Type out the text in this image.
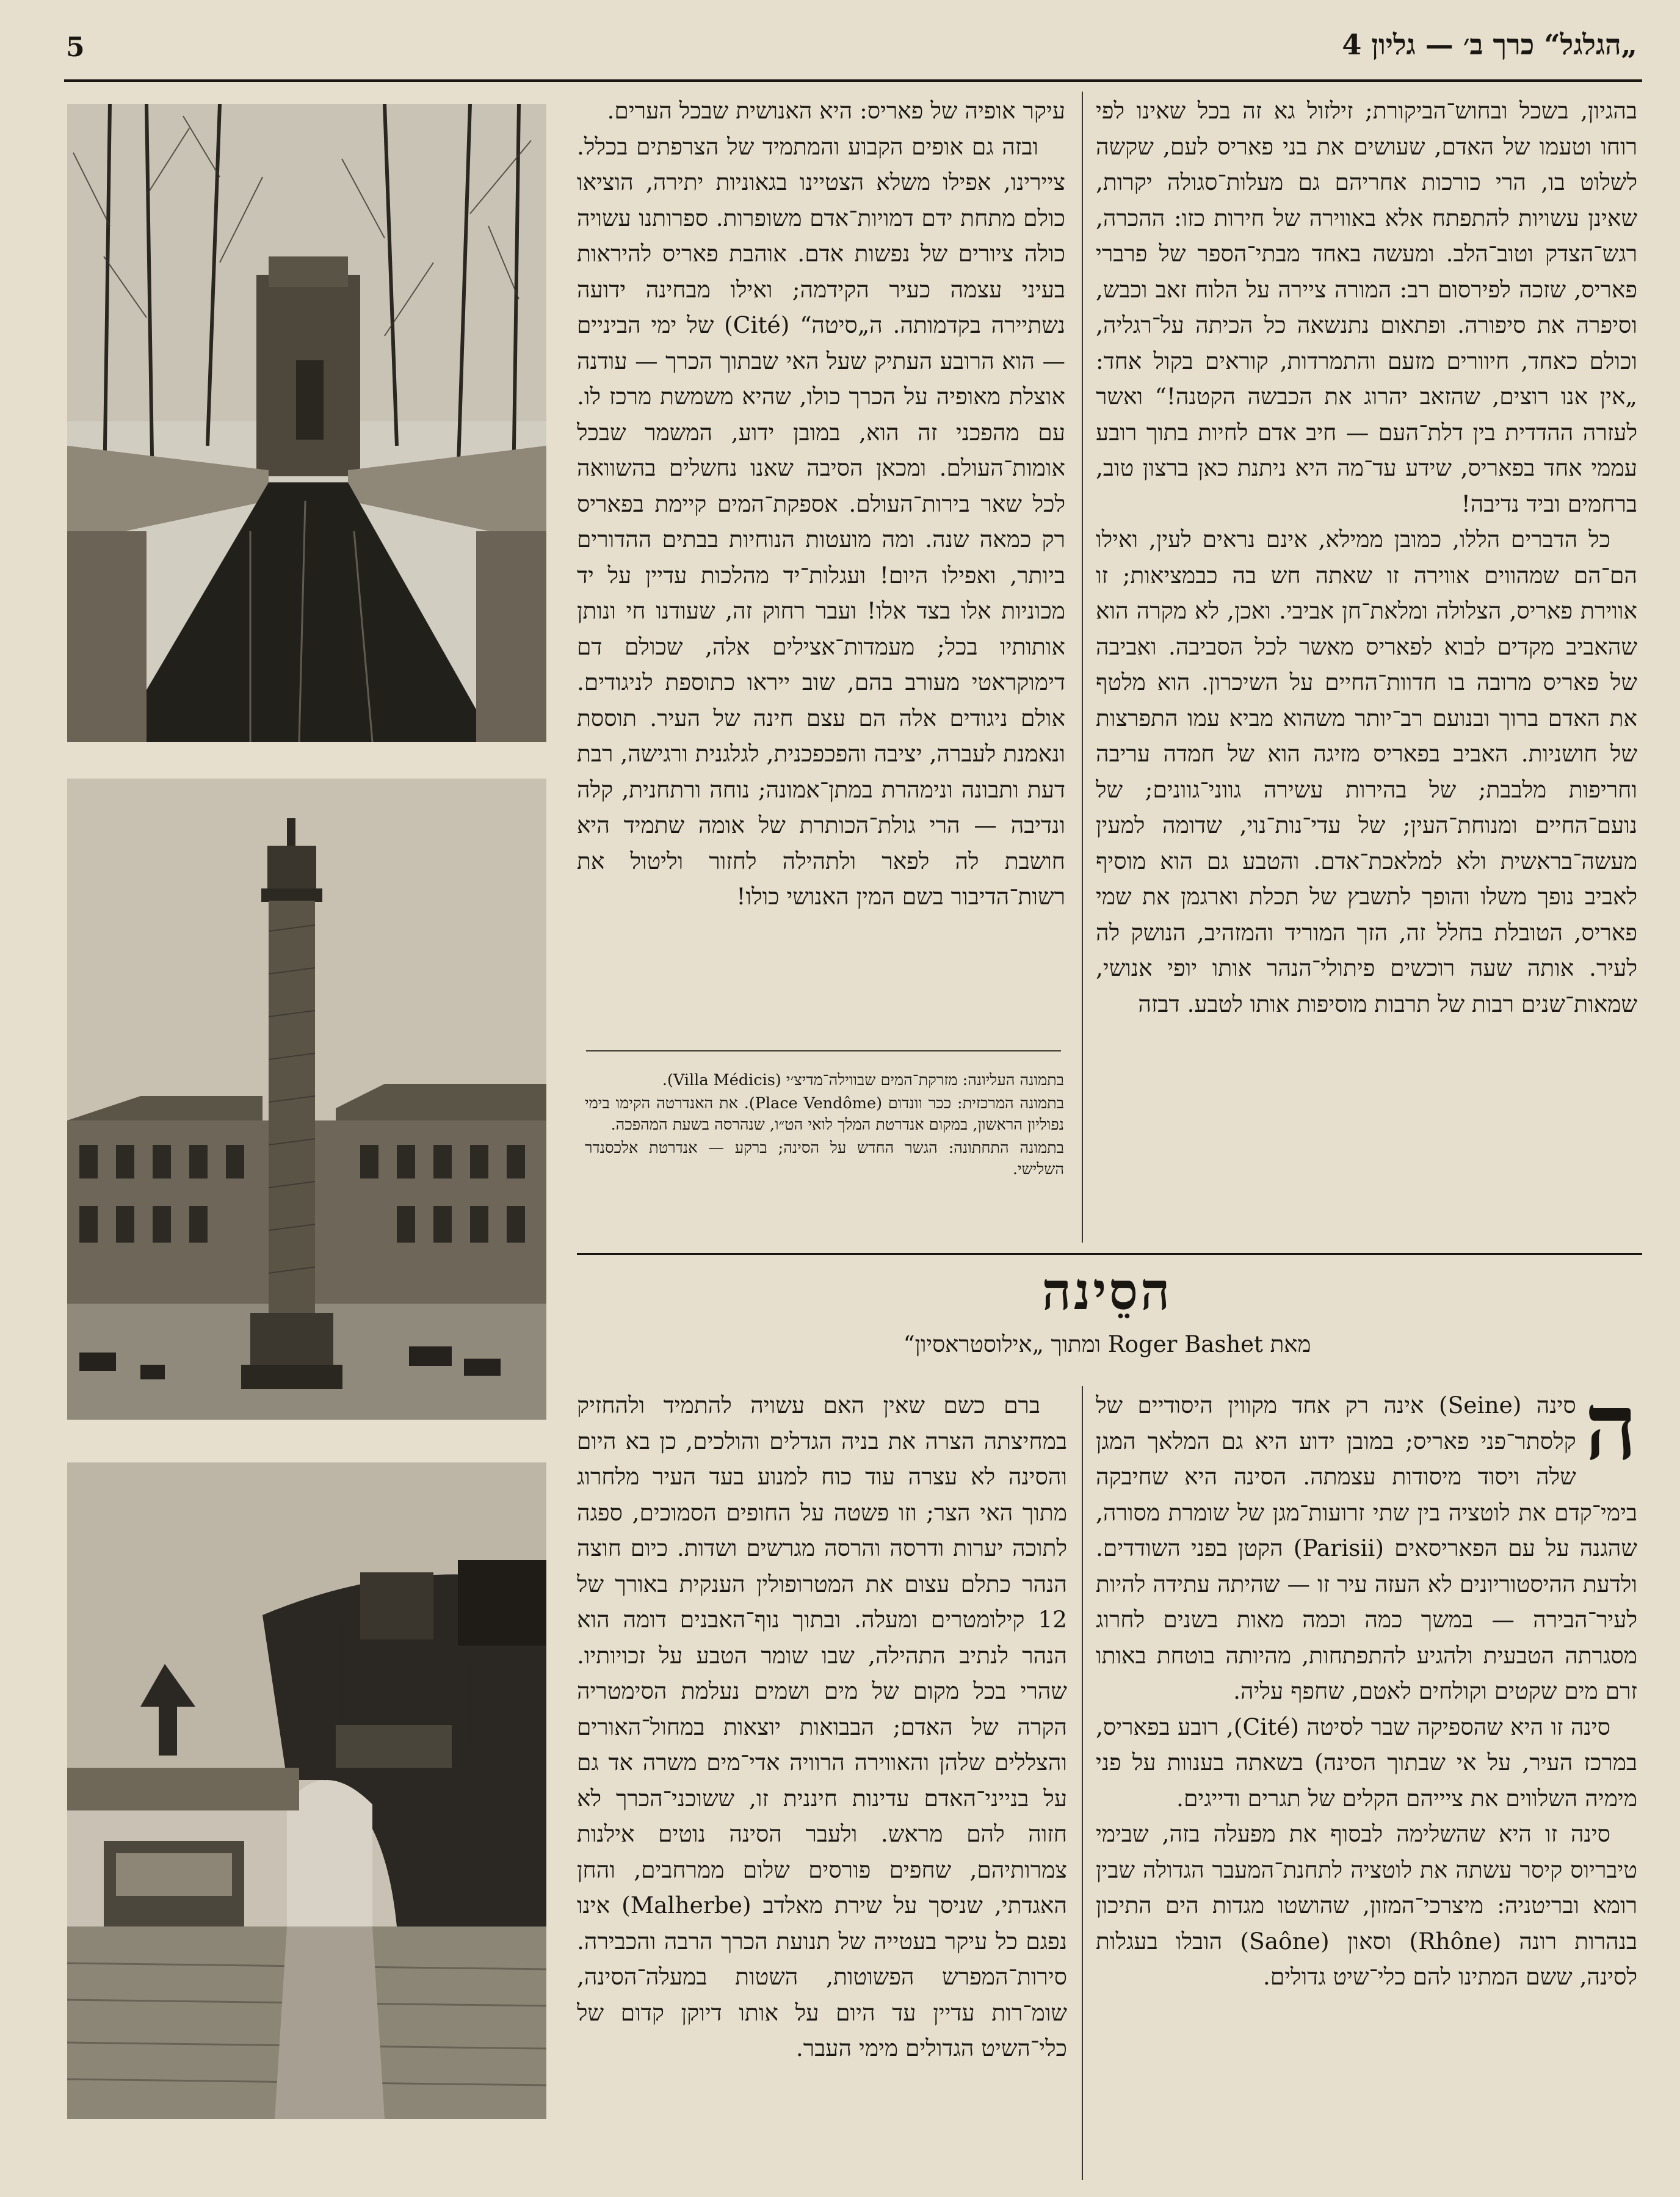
5	„הגלגל“ כרך ב׳ — גליון 4

בהגיון, בשכל ובחוש־הביקורת; זילזול גא זה בכל שאינו לפי רוחו וטעמו של האדם, שעושים את בני פאריס לעם, שקשה לשלוט בו, הרי כורכות אחריהם גם מעלות־סגולה יקרות, שאינן עשויות להתפתח אלא באווירה של חירות כזו: ההכרה, רגש־הצדק וטוב־הלב. ומעשה באחד מבתי־הספר של פרברי פאריס, שזכה לפירסום רב: המורה ציירה על הלוח זאב וכבש, וסיפרה את סיפורה. ופתאום נתנשאה כל הכיתה על־רגליה, וכולם כאחד, חיוורים מזעם והתמרדות, קוראים בקול אחד: „אין אנו רוצים, שהזאב יהרוג את הכבשה הקטנה!“ ואשר לעזרה ההדדית בין דלת־העם — חיב אדם לחיות בתוך רובע עממי אחד בפאריס, שידע עד־מה היא ניתנת כאן ברצון טוב, ברחמים וביד נדיבה!

כל הדברים הללו, כמובן ממילא, אינם נראים לעין, ואילו הם־הם שמהווים אווירה זו שאתה חש בה כבמציאות; זו אווירת פאריס, הצלולה ומלאת־חן אביבי. ואכן, לא מקרה הוא שהאביב מקדים לבוא לפאריס מאשר לכל הסביבה. ואביבה של פאריס מרובה בו חדוות־החיים על השיכרון. הוא מלטף את האדם ברוך ובנועם רב־יותר משהוא מביא עמו התפרצות של חושניות. האביב בפאריס מזיגה הוא של חמדה עריבה וחריפות מלבבת; של בהירות עשירה גווני־גוונים; של נועם־החיים ומנוחת־העין; של עדי־נות־נוי, שדומה למעין מעשה־בראשית ולא למלאכת־אדם. והטבע גם הוא מוסיף לאביב נופך משלו והופך לתשבץ של תכלת וארגמן את שמי פאריס, הטובלת בחלל זה, הזך המוריד והמזהיב, הנושק לה לעיר. אותה שעה רוכשים פיתולי־הנהר אותו יופי אנושי, שמאות־שנים רבות של תרבות מוסיפות אותו לטבע. דבזה

עיקר אופיה של פאריס: היא האנושית שבכל הערים.

ובזה גם אופים הקבוע והמתמיד של הצרפתים בכלל. ציירינו, אפילו משלא הצטיינו בגאוניות יתירה, הוציאו כולם מתחת ידם דמויות־אדם משופרות. ספרותנו עשויה כולה ציורים של נפשות אדם. אוהבת פאריס להיראות בעיני עצמה כעיר הקידמה; ואילו מבחינה ידועה נשתיירה בקדמותה. ה„סיטה“ (Cité) של ימי הביניים — הוא הרובע העתיק שעל האי שבתוך הכרך — עודנה אוצלת מאופיה על הכרך כולו, שהיא משמשת מרכז לו. עם מהפכני זה הוא, במובן ידוע, המשמר שבכל אומות־העולם. ומכאן הסיבה שאנו נחשלים בהשוואה לכל שאר בירות־העולם. אספקת־המים קיימת בפאריס רק כמאה שנה. ומה מועטות הנוחיות בבתים ההדורים ביותר, ואפילו היום! ועגלות־יד מהלכות עדיין על יד מכוניות אלו בצד אלו! ועבר רחוק זה, שעודנו חי ונותן אותותיו בכל; מעמדות־אצילים אלה, שכולם דם דימוקראטי מעורב בהם, שוב ייראו כתוספת לניגודים. אולם ניגודים אלה הם עצם חינה של העיר. תוססת ונאמנת לעברה, יציבה והפכפכנית, לגלגנית ורגישה, רבת דעת ותבונה ונימהרת במתן־אמונה; נוחה ורתחנית, קלה ונדיבה — הרי גולת־הכותרת של אומה שתמיד היא חושבת לה לפאר ולתהילה לחזור וליטול את רשות־הדיבור בשם המין האנושי כולו!

בתמונה העליונה: מזרקת־המים שבווילה־מדיצ׳י (Villa Médicis).

בתמונה המרכזית: ככר וונדום (Place Vendôme). את האנדרטה הקימו בימי נפוליון הראשון, במקום אנדרטת המלך לואי הט״ו, שנהרסה בשעת המהפכה.

בתמונה התחתונה: הגשר החדש על הסינה; ברקע — אנדרטת אלכסנדר השלישי.

הסֵינה
מאת Roger Bashet ומתוך „אילוסטראסיון“

ה
סינה (Seine) אינה רק אחד מקווין היסודיים של קלסתר־פני פאריס; במובן ידוע היא גם המלאך המגן שלה ויסוד מיסודות עצמתה. הסינה היא שחיבקה בימי־קדם את לוטציה בין שתי זרועות־מגן של שומרת מסורה, שהגנה על עם הפאריסאים (Parisii) הקטן בפני השודדים. ולדעת ההיסטוריונים לא העזה עיר זו — שהיתה עתידה להיות לעיר־הבירה — במשך כמה וכמה מאות בשנים לחרוג מסגרתה הטבעית ולהגיע להתפתחות, מהיותה בוטחת באותו זרם מים שקטים וקולחים לאטם, שחפף עליה.

סינה זו היא שהספיקה שבר לסיטה (Cité), רובע בפאריס, במרכז העיר, על אי שבתוך הסינה) בשאתה בענוות על פני מימיה השלווים את ציייהם הקלים של תגרים ודייגים.

סינה זו היא שהשלימה לבסוף את מפעלה בזה, שבימי טיבריוס קיסר עשתה את לוטציה לתחנת־המעבר הגדולה שבין רומא ובריטניה: מיצרכי־המזון, שהושטו מגדות הים התיכון בנהרות רונה (Rhône) וסאון (Saône) הובלו בעגלות לסינה, ששם המתינו להם כלי־שיט גדולים.

ברם כשם שאין האם עשויה להתמיד ולהחזיק במחיצתה הצרה את בניה הגדלים והולכים, כן בא היום והסינה לא עצרה עוד כוח למנוע בעד העיר מלחרוג מתוך האי הצר; וזו פשטה על החופים הסמוכים, ספגה לתוכה יערות ודרסה והרסה מגרשים ושדות. כיום חוצה הנהר כתלם עצום את המטרופולין הענקית באורך של 12 קילומטרים ומעלה. ובתוך נוף־האבנים דומה הוא הנהר לנתיב התהילה, שבו שומר הטבע על זכויותיו. שהרי בכל מקום של מים ושמים נעלמת הסימטריה הקרה של האדם; הבבואות יוצאות במחול־האורים והצללים שלהן והאווירה הרוויה אדי־מים משרה אד גם על בנייני־האדם עדינות חיננית זו, ששוכני־הכרך לא חזוה להם מראש. ולעבר הסינה נוטים אילנות צמרותיהם, שחפים פורסים שלום ממרחבים, והחן האגדתי, שניסך על שירת מאלדב (Malherbe) אינו נפגם כל עיקר בעטייה של תנועת הכרך הרבה והכבירה. סירות־המפרש הפשוטות, השטות במעלה־הסינה, שומ־רות עדיין עד היום על אותו דיוקן קדום של כלי־השיט הגדולים מימי העבר.
